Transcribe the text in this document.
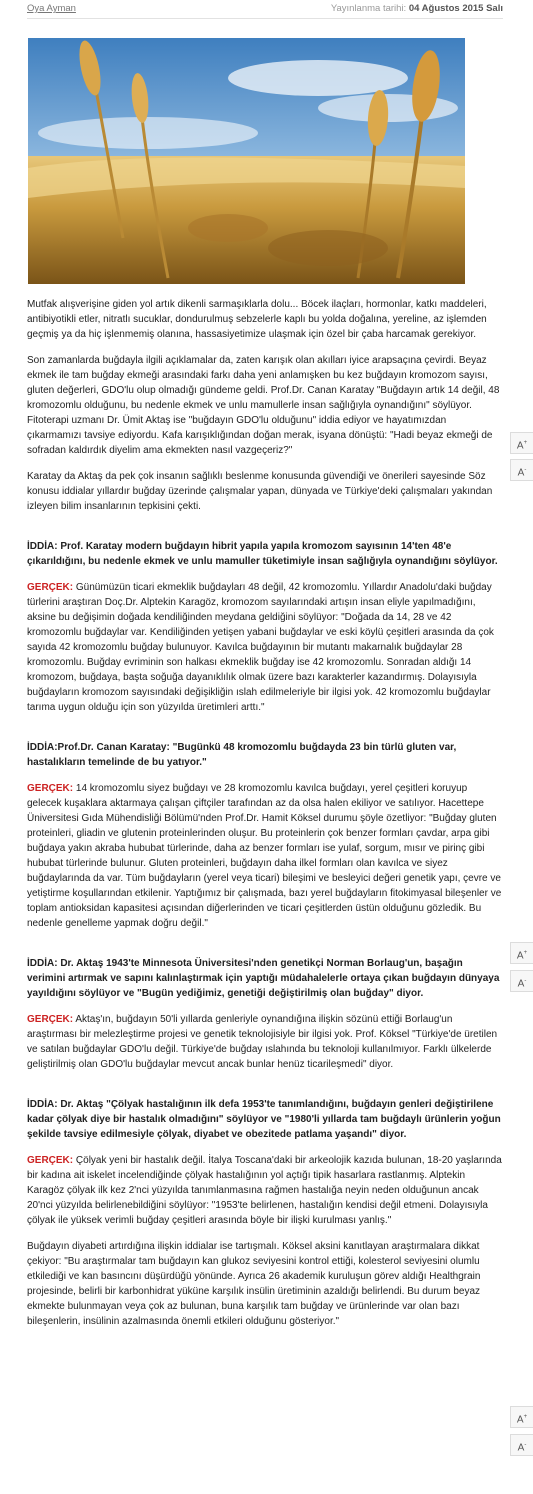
Oya Ayman	Yayınlanma tarihi: 04 Ağustos 2015 Salı

Mutfak alışverişine giden yol artık dikenli sarmaşıklarla dolu... Böcek ilaçları, hormonlar, katkı maddeleri, antibiyotikli etler, nitratlı sucuklar, dondurulmuş sebzelerle kaplı bu yolda doğalına, yereline, az işlemden geçmiş ya da hiç işlenmemiş olanına, hassasiyetimize ulaşmak için özel bir çaba harcamak gerekiyor.

Son zamanlarda buğdayla ilgili açıklamalar da, zaten karışık olan akılları iyice arapsaçına çevirdi. Beyaz ekmek ile tam buğday ekmeği arasındaki farkı daha yeni anlamışken bu kez buğdayın kromozom sayısı, gluten değerleri, GDO'lu olup olmadığı gündeme geldi. Prof.Dr. Canan Karatay "Buğdayın artık 14 değil, 48 kromozomlu olduğunu, bu nedenle ekmek ve unlu mamullerle insan sağlığıyla oynandığını" söylüyor. Fitoterapi uzmanı Dr. Ümit Aktaş ise "buğdayın GDO'lu olduğunu" iddia ediyor ve hayatımızdan çıkarmamızı tavsiye ediyordu. Kafa karışıklığından doğan merak, isyana dönüştü: "Hadi beyaz ekmeği de sofradan kaldırdık diyelim ama ekmekten nasıl vazgeçeriz?"

Karatay da Aktaş da pek çok insanın sağlıklı beslenme konusunda güvendiği ve önerileri sayesinde Söz konusu iddialar yıllardır buğday üzerinde çalışmalar yapan, dünyada ve Türkiye'deki çalışmaları yakından izleyen bilim insanlarının tepkisini çekti.

İDDİA: Prof. Karatay modern buğdayın hibrit yapıla yapıla kromozom sayısının 14'ten 48'e çıkarıldığını, bu nedenle ekmek ve unlu mamuller tüketimiyle insan sağlığıyla oynandığını söylüyor.

GERÇEK: Günümüzün ticari ekmeklik buğdayları 48 değil, 42 kromozomlu. Yıllardır Anadolu'daki buğday türlerini araştıran Doç.Dr. Alptekin Karagöz, kromozom sayılarındaki artışın insan eliyle yapılmadığını, aksine bu değişimin doğada kendiliğinden meydana geldiğini söylüyor: "Doğada da 14, 28 ve 42 kromozomlu buğdaylar var. Kendiliğinden yetişen yabani buğdaylar ve eski köylü çeşitleri arasında da çok sayıda 42 kromozomlu buğday bulunuyor. Kavılca buğdayının bir mutantı makarnalık buğdaylar 28 kromozomlu. Buğday evriminin son halkası ekmeklik buğday ise 42 kromozomlu. Sonradan aldığı 14 kromozom, buğdaya, başta soğuğa dayanıklılık olmak üzere bazı karakterler kazandırmış. Dolayısıyla buğdayların kromozom sayısındaki değişikliğin ıslah edilmeleriyle bir ilgisi yok. 42 kromozomlu buğdaylar tarıma uygun olduğu için son yüzyılda üretimleri arttı."

İDDİA:Prof.Dr. Canan Karatay: "Bugünkü 48 kromozomlu buğdayda 23 bin türlü gluten var, hastalıkların temelinde de bu yatıyor."

GERÇEK: 14 kromozomlu siyez buğdayı ve 28 kromozomlu kavılca buğdayı, yerel çeşitleri koruyup gelecek kuşaklara aktarmaya çalışan çiftçiler tarafından az da olsa halen ekiliyor ve satılıyor. Hacettepe Üniversitesi Gıda Mühendisliği Bölümü'nden Prof.Dr. Hamit Köksel durumu şöyle özetliyor: "Buğday gluten proteinleri, gliadin ve glutenin proteinlerinden oluşur. Bu proteinlerin çok benzer formları çavdar, arpa gibi buğdaya yakın akraba hububat türlerinde, daha az benzer formları ise yulaf, sorgum, mısır ve pirinç gibi hububat türlerinde bulunur. Gluten proteinleri, buğdayın daha ilkel formları olan kavılca ve siyez buğdaylarında da var. Tüm buğdayların (yerel veya ticari) bileşimi ve besleyici değeri genetik yapı, çevre ve yetiştirme koşullarından etkilenir. Yaptığımız bir çalışmada, bazı yerel buğdayların fitokimyasal bileşenler ve toplam antioksidan kapasitesi açısından diğerlerinden ve ticari çeşitlerden üstün olduğunu gözledik. Bu nedenle genelleme yapmak doğru değil."

İDDİA: Dr. Aktaş 1943'te Minnesota Üniversitesi'nden genetikçi Norman Borlaug'un, başağın verimini artırmak ve sapını kalınlaştırmak için yaptığı müdahalelerle ortaya çıkan buğdayın dünyaya yayıldığını söylüyor ve "Bugün yediğimiz, genetiği değiştirilmiş olan buğday" diyor.

GERÇEK: Aktaş'ın, buğdayın 50'li yıllarda genleriyle oynandığına ilişkin sözünü ettiği Borlaug'un araştırması bir melezleştirme projesi ve genetik teknolojisiyle bir ilgisi yok. Prof. Köksel "Türkiye'de üretilen ve satılan buğdaylar GDO'lu değil. Türkiye'de buğday ıslahında bu teknoloji kullanılmıyor. Farklı ülkelerde geliştirilmiş olan GDO'lu buğdaylar mevcut ancak bunlar henüz ticarileşmedi" diyor.

İDDİA: Dr. Aktaş "Çölyak hastalığının ilk defa 1953'te tanımlandığını, buğdayın genleri değiştirilene kadar çölyak diye bir hastalık olmadığını" söylüyor ve "1980'li yıllarda tam buğdaylı ürünlerin yoğun şekilde tavsiye edilmesiyle çölyak, diyabet ve obezitede patlama yaşandı" diyor.

GERÇEK: Çölyak yeni bir hastalık değil. İtalya Toscana'daki bir arkeolojik kazıda bulunan, 18-20 yaşlarında bir kadına ait iskelet incelendiğinde çölyak hastalığının yol açtığı tipik hasarlara rastlanmış. Alptekin Karagöz çölyak ilk kez 2'nci yüzyılda tanımlanmasına rağmen hastalığa neyin neden olduğunun ancak 20'nci yüzyılda belirlenebildiğini söylüyor: "1953'te belirlenen, hastalığın kendisi değil etmeni. Dolayısıyla çölyak ile yüksek verimli buğday çeşitleri arasında böyle bir ilişki kurulması yanlış."

Buğdayın diyabeti artırdığına ilişkin iddialar ise tartışmalı. Köksel aksini kanıtlayan araştırmalara dikkat çekiyor: "Bu araştırmalar tam buğdayın kan glukoz seviyesini kontrol ettiği, kolesterol seviyesini olumlu etkilediği ve kan basıncını düşürdüğü yönünde. Ayrıca 26 akademik kuruluşun görev aldığı Healthgrain projesinde, belirli bir karbonhidrat yüküne karşılık insülin üretiminin azaldığı belirlendi. Bu durum beyaz ekmekte bulunmayan veya çok az bulunan, buna karşılık tam buğday ve ürünlerinde var olan bazı bileşenlerin, insülinin azalmasında önemli etkileri olduğunu gösteriyor."

A+
A-
A+
A-
A+
A-
